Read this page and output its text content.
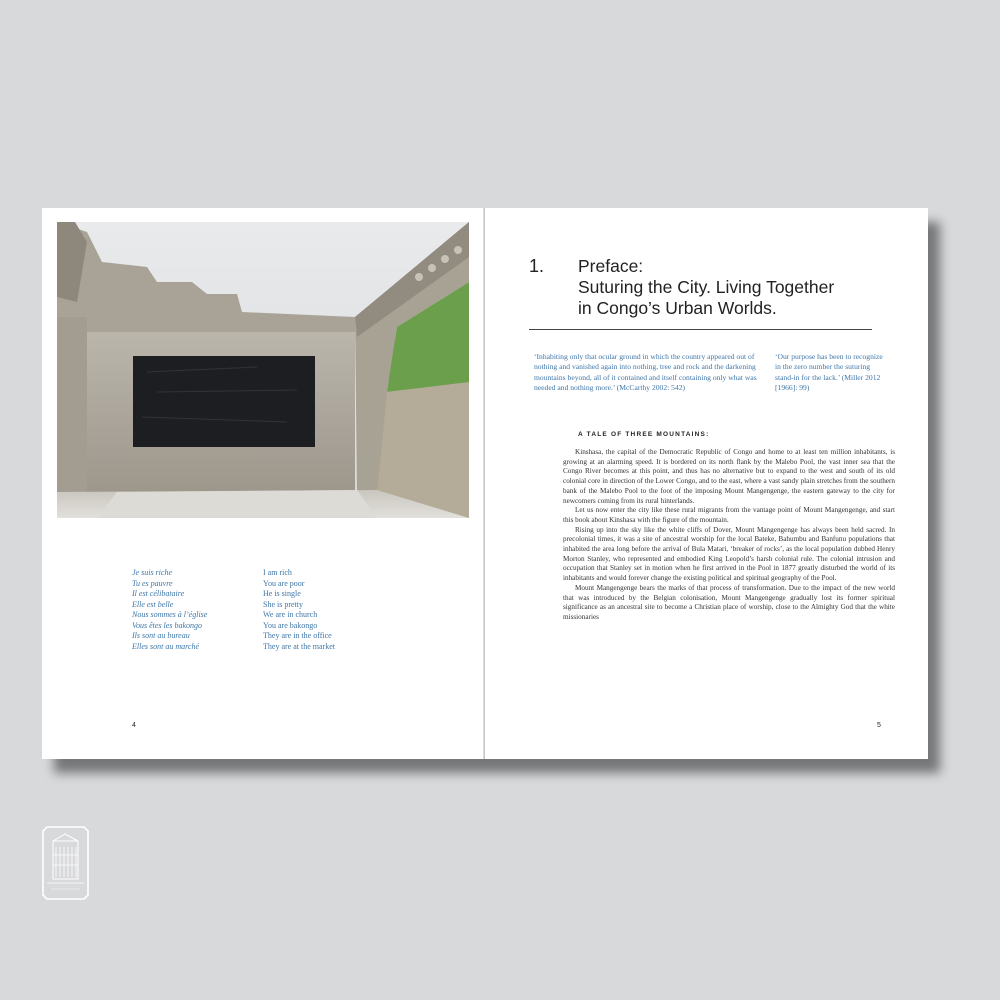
Je suis riche
Tu es pauvre
Il est célibataire
Elle est belle
Nous sommes à l’église
Vous êtes les bakongo
Ils sont au bureau
Elles sont au marché
I am rich
You are poor
He is single
She is pretty
We are in church
You are bakongo
They are in the office
They are at the market
4
1. Preface:
Suturing the City. Living Together
in Congo’s Urban Worlds.
‘Inhabiting only that ocular ground in which the country appeared out of nothing and vanished again into nothing, tree and rock and the darkening mountains beyond, all of it contained and itself containing only what was needed and nothing more.’ (McCarthy 2002: 542)
‘Our purpose has been to recognize in the zero number the suturing stand-in for the lack.’ (Miller 2012 [1966]: 99)
A TALE OF THREE MOUNTAINS:

Kinshasa, the capital of the Democratic Republic of Congo and home to at least ten million inhabitants, is growing at an alarming speed. It is bordered on its north flank by the Malebo Pool, the vast inner sea that the Congo River becomes at this point, and thus has no alternative but to expand to the west and south of its old colonial core in direction of the Lower Congo, and to the east, where a vast sandy plain stretches from the southern bank of the Malebo Pool to the foot of the imposing Mount Mangengenge, the eastern gateway to the city for newcomers coming from its rural hinterlands.

Let us now enter the city like these rural migrants from the vantage point of Mount Mangengenge, and start this book about Kinshasa with the figure of the mountain.

Rising up into the sky like the white cliffs of Dover, Mount Mangengenge has always been held sacred. In precolonial times, it was a site of ancestral worship for the local Bateke, Bahumbu and Banfunu populations that inhabited the area long before the arrival of Bula Matari, ‘breaker of rocks’, as the local population dubbed Henry Morton Stanley, who represented and embodied King Leopold’s harsh colonial rule. The colonial intrusion and occupation that Stanley set in motion when he first arrived in the Pool in 1877 greatly disturbed the world of its inhabitants and would forever change the existing political and spiritual geography of the Pool.

Mount Mangengenge bears the marks of that process of transformation. Due to the impact of the new world that was introduced by the Belgian colonisation, Mount Mangengenge gradually lost its former spiritual significance as an ancestral site to become a Christian place of worship, close to the Almighty God that the white missionaries

5
